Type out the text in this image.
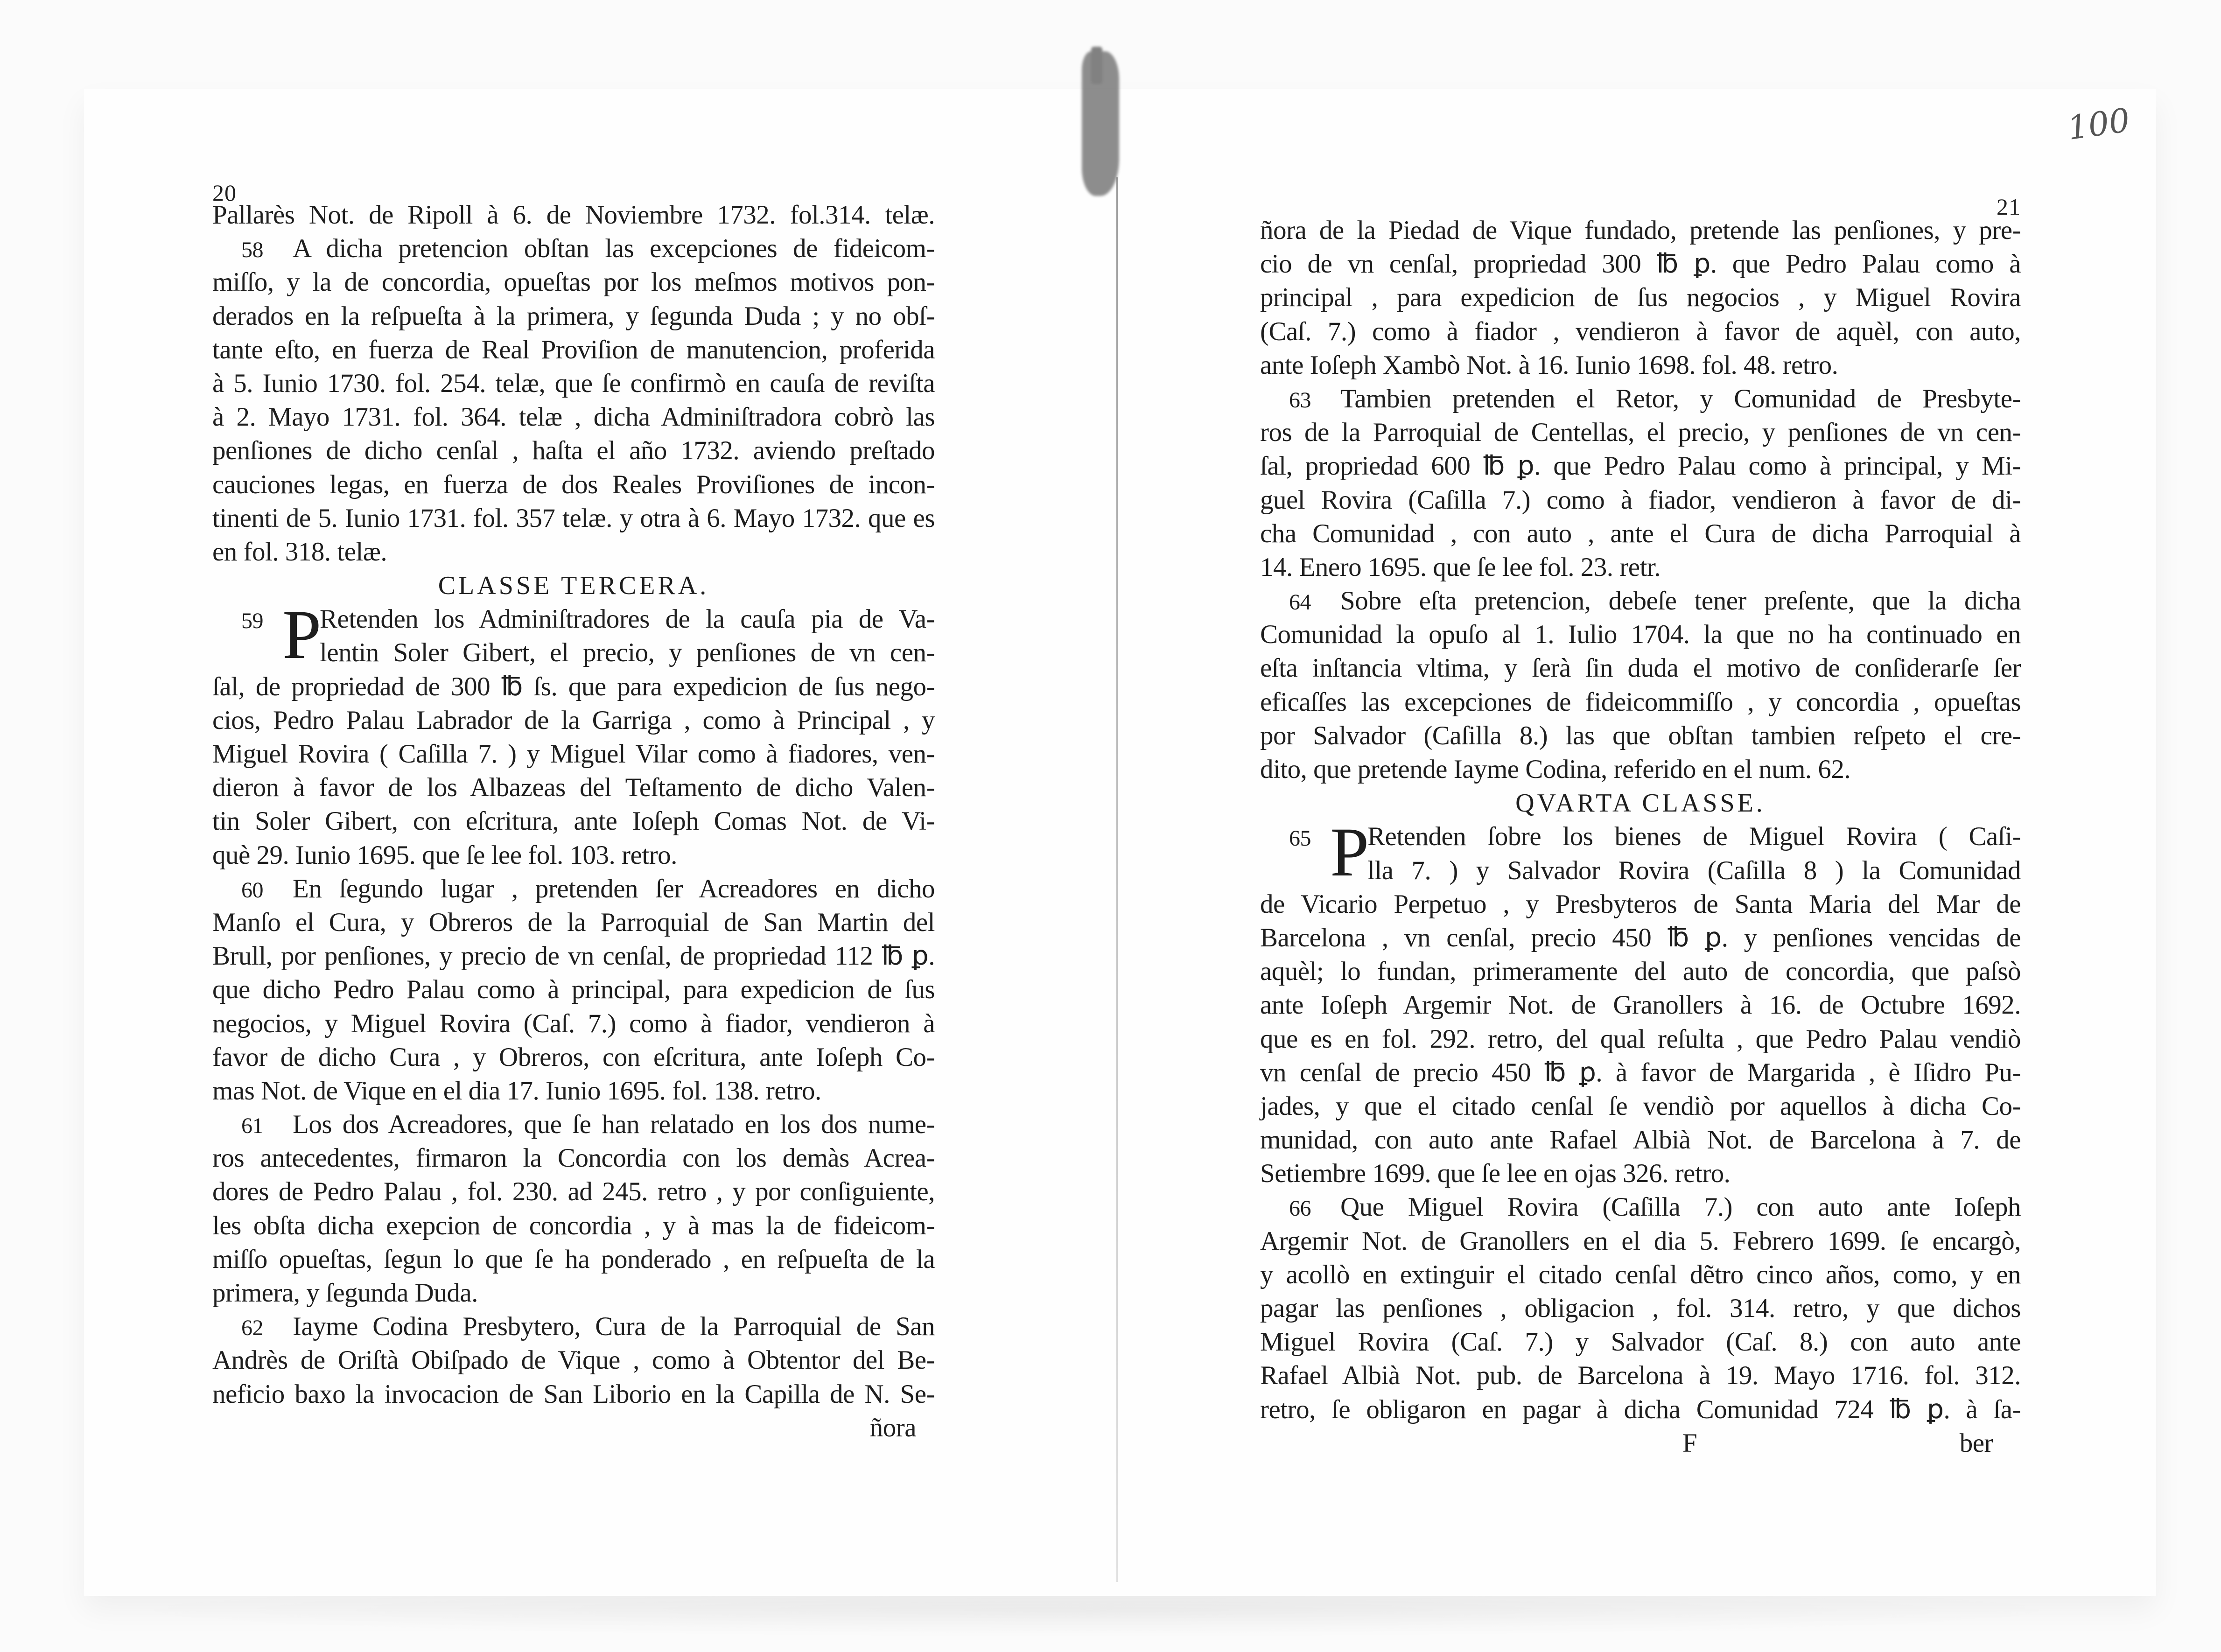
100
20
Pallarès Not. de Ripoll à 6. de Noviembre 1732. fol.314. telæ.
58 A dicha pretencion obſtan las excepciones de fideicom-
miſſo, y la de concordia, opueſtas por los meſmos motivos pon-
derados en la reſpueſta à la primera, y ſegunda Duda ; y no obſ-
tante eſto, en fuerza de Real Proviſion de manutencion, proferida
à 5. Iunio 1730. fol. 254. telæ, que ſe confirmò en cauſa de reviſta
à 2. Mayo 1731. fol. 364. telæ , dicha Adminiſtradora cobrò las
penſiones de dicho cenſal , haſta el año 1732. aviendo preſtado
cauciones legas, en fuerza de dos Reales Proviſiones de incon-
tinenti de 5. Iunio 1731. fol. 357 telæ. y otra à 6. Mayo 1732. que es
en fol. 318. telæ.
CLASSE TERCERA.
59 P
Retenden los Adminiſtradores de la cauſa pia de Va-
lentin Soler Gibert, el precio, y penſiones de vn cen-
ſal, de propriedad de 300 ℔ ſs. que para expedicion de ſus nego-
cios, Pedro Palau Labrador de la Garriga , como à Principal , y
Miguel Rovira ( Caſilla 7. ) y Miguel Vilar como à fiadores, ven-
dieron à favor de los Albazeas del Teſtamento de dicho Valen-
tin Soler Gibert, con eſcritura, ante Ioſeph Comas Not. de Vi-
què 29. Iunio 1695. que ſe lee fol. 103. retro.
60 En ſegundo lugar , pretenden ſer Acreadores en dicho
Manſo el Cura, y Obreros de la Parroquial de San Martin del
Brull, por penſiones, y precio de vn cenſal, de propriedad 112 ℔ ꝑ.
que dicho Pedro Palau como à principal, para expedicion de ſus
negocios, y Miguel Rovira (Caſ. 7.) como à fiador, vendieron à
favor de dicho Cura , y Obreros, con eſcritura, ante Ioſeph Co-
mas Not. de Vique en el dia 17. Iunio 1695. fol. 138. retro.
61 Los dos Acreadores, que ſe han relatado en los dos nume-
ros antecedentes, firmaron la Concordia con los demàs Acrea-
dores de Pedro Palau , fol. 230. ad 245. retro , y por conſiguiente,
les obſta dicha exepcion de concordia , y à mas la de fideicom-
miſſo opueſtas, ſegun lo que ſe ha ponderado , en reſpueſta de la
primera, y ſegunda Duda.
62 Iayme Codina Presbytero, Cura de la Parroquial de San
Andrès de Oriſtà Obiſpado de Vique , como à Obtentor del Be-
neficio baxo la invocacion de San Liborio en la Capilla de N. Se-
ñora
21
ñora de la Piedad de Vique fundado, pretende las penſiones, y pre-
cio de vn cenſal, propriedad 300 ℔ ꝑ. que Pedro Palau como à
principal , para expedicion de ſus negocios , y Miguel Rovira
(Caſ. 7.) como à fiador , vendieron à favor de aquèl, con auto,
ante Ioſeph Xambò Not. à 16. Iunio 1698. fol. 48. retro.
63 Tambien pretenden el Retor, y Comunidad de Presbyte-
ros de la Parroquial de Centellas, el precio, y penſiones de vn cen-
ſal, propriedad 600 ℔ ꝑ. que Pedro Palau como à principal, y Mi-
guel Rovira (Caſilla 7.) como à fiador, vendieron à favor de di-
cha Comunidad , con auto , ante el Cura de dicha Parroquial à
14. Enero 1695. que ſe lee fol. 23. retr.
64 Sobre eſta pretencion, debeſe tener preſente, que la dicha
Comunidad la opuſo al 1. Iulio 1704. la que no ha continuado en
eſta inſtancia vltima, y ſerà ſin duda el motivo de conſiderarſe ſer
eficaſſes las excepciones de fideicommiſſo , y concordia , opueſtas
por Salvador (Caſilla 8.) las que obſtan tambien reſpeto el cre-
dito, que pretende Iayme Codina, referido en el num. 62.
QVARTA CLASSE.
65 P
Retenden ſobre los bienes de Miguel Rovira ( Caſi-
lla 7. ) y Salvador Rovira (Caſilla 8 ) la Comunidad
de Vicario Perpetuo , y Presbyteros de Santa Maria del Mar de
Barcelona , vn cenſal, precio 450 ℔ ꝑ. y penſiones vencidas de
aquèl; lo fundan, primeramente del auto de concordia, que paſsò
ante Ioſeph Argemir Not. de Granollers à 16. de Octubre 1692.
que es en fol. 292. retro, del qual reſulta , que Pedro Palau vendiò
vn cenſal de precio 450 ℔ ꝑ. à favor de Margarida , è Iſidro Pu-
jades, y que el citado cenſal ſe vendiò por aquellos à dicha Co-
munidad, con auto ante Rafael Albià Not. de Barcelona à 7. de
Setiembre 1699. que ſe lee en ojas 326. retro.
66 Que Miguel Rovira (Caſilla 7.) con auto ante Ioſeph
Argemir Not. de Granollers en el dia 5. Febrero 1699. ſe encargò,
y acollò en extinguir el citado cenſal dẽtro cinco años, como, y en
pagar las penſiones , obligacion , fol. 314. retro, y que dichos
Miguel Rovira (Caſ. 7.) y Salvador (Caſ. 8.) con auto ante
Rafael Albià Not. pub. de Barcelona à 19. Mayo 1716. fol. 312.
retro, ſe obligaron en pagar à dicha Comunidad 724 ℔ ꝑ. à ſa-
F	ber
